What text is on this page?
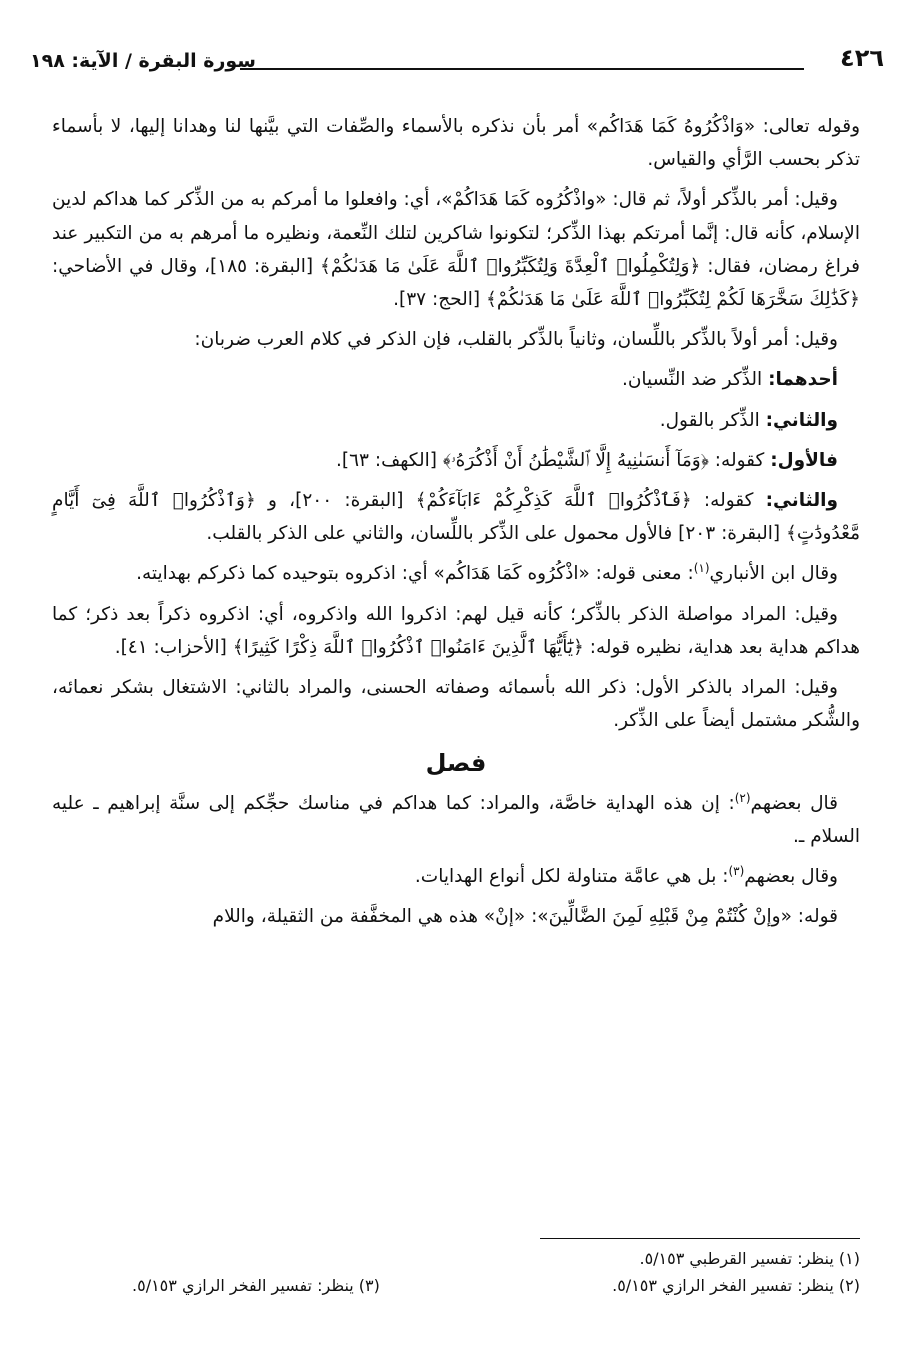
٤٢٦
سورة البقرة / الآية: ١٩٨

وقوله تعالى: «وَاذْكُرُوهُ كَمَا هَدَاكُم» أمر بأن نذكره بالأسماء والصِّفات التي بيَّنها لنا وهدانا إليها، لا بأسماء تذكر بحسب الرَّأي والقياس.

وقيل: أمر بالذِّكر أولاً، ثم قال: «واذْكُرُوه كَمَا هَدَاكُمْ»، أي: وافعلوا ما أمركم به من الذِّكر كما هداكم لدين الإسلام، كأنه قال: إنَّما أمرتكم بهذا الذِّكر؛ لتكونوا شاكرين لتلك النِّعمة، ونظيره ما أمرهم به من التكبير عند فراغ رمضان، فقال: ﴿وَلِتُكْمِلُوا۟ ٱلْعِدَّةَ وَلِتُكَبِّرُوا۟ ٱللَّهَ عَلَىٰ مَا هَدَىٰكُمْ﴾ [البقرة: ١٨٥]، وقال في الأضاحي: ﴿كَذَٰلِكَ سَخَّرَهَا لَكُمْ لِتُكَبِّرُوا۟ ٱللَّهَ عَلَىٰ مَا هَدَىٰكُمْ﴾ [الحج: ٣٧].

وقيل: أمر أولاً بالذِّكر باللِّسان، وثانياً بالذِّكر بالقلب، فإن الذكر في كلام العرب ضربان:

أحدهما: الذِّكر ضد النِّسيان.

والثاني: الذِّكر بالقول.

فالأول: كقوله: ﴿وَمَآ أَنسَىٰنِيهُ إِلَّا ٱلشَّيْطَٰنُ أَنْ أَذْكُرَهُۥ﴾ [الكهف: ٦٣].

والثاني: كقوله: ﴿فَٱذْكُرُوا۟ ٱللَّهَ كَذِكْرِكُمْ ءَابَآءَكُمْ﴾ [البقرة: ٢٠٠]، و ﴿وَٱذْكُرُوا۟ ٱللَّهَ فِىٓ أَيَّامٍ مَّعْدُودَٰتٍ﴾ [البقرة: ٢٠٣] فالأول محمول على الذِّكر باللِّسان، والثاني على الذكر بالقلب.

وقال ابن الأنباري$^{(١)}$: معنى قوله: «اذْكُرُوه كَمَا هَدَاكُم» أي: اذكروه بتوحيده كما ذكركم بهدايته.

وقيل: المراد مواصلة الذكر بالذِّكر؛ كأنه قيل لهم: اذكروا الله واذكروه، أي: اذكروه ذكراً بعد ذكر؛ كما هداكم هداية بعد هداية، نظيره قوله: ﴿يَٰٓأَيُّهَا ٱلَّذِينَ ءَامَنُوا۟ ٱذْكُرُوا۟ ٱللَّهَ ذِكْرًا كَثِيرًا﴾ [الأحزاب: ٤١].

وقيل: المراد بالذكر الأول: ذكر الله بأسمائه وصفاته الحسنى، والمراد بالثاني: الاشتغال بشكر نعمائه، والشُّكر مشتمل أيضاً على الذِّكر.

فصل

قال بعضهم$^{(٢)}$: إن هذه الهداية خاصَّة، والمراد: كما هداكم في مناسك حجِّكم إلى سنَّة إبراهيم ـ عليه السلام ـ.

وقال بعضهم$^{(٣)}$: بل هي عامَّة متناولة لكل أنواع الهدايات.

قوله: «وإنْ كُنْتُمْ مِنْ قَبْلِهِ لَمِنَ الضَّالِّينَ»: «إنْ» هذه هي المخفَّفة من الثقيلة، واللام

(١) ينظر: تفسير القرطبي ٥/١٥٣.
(٢) ينظر: تفسير الفخر الرازي ٥/١٥٣.
(٣) ينظر: تفسير الفخر الرازي ٥/١٥٣.
